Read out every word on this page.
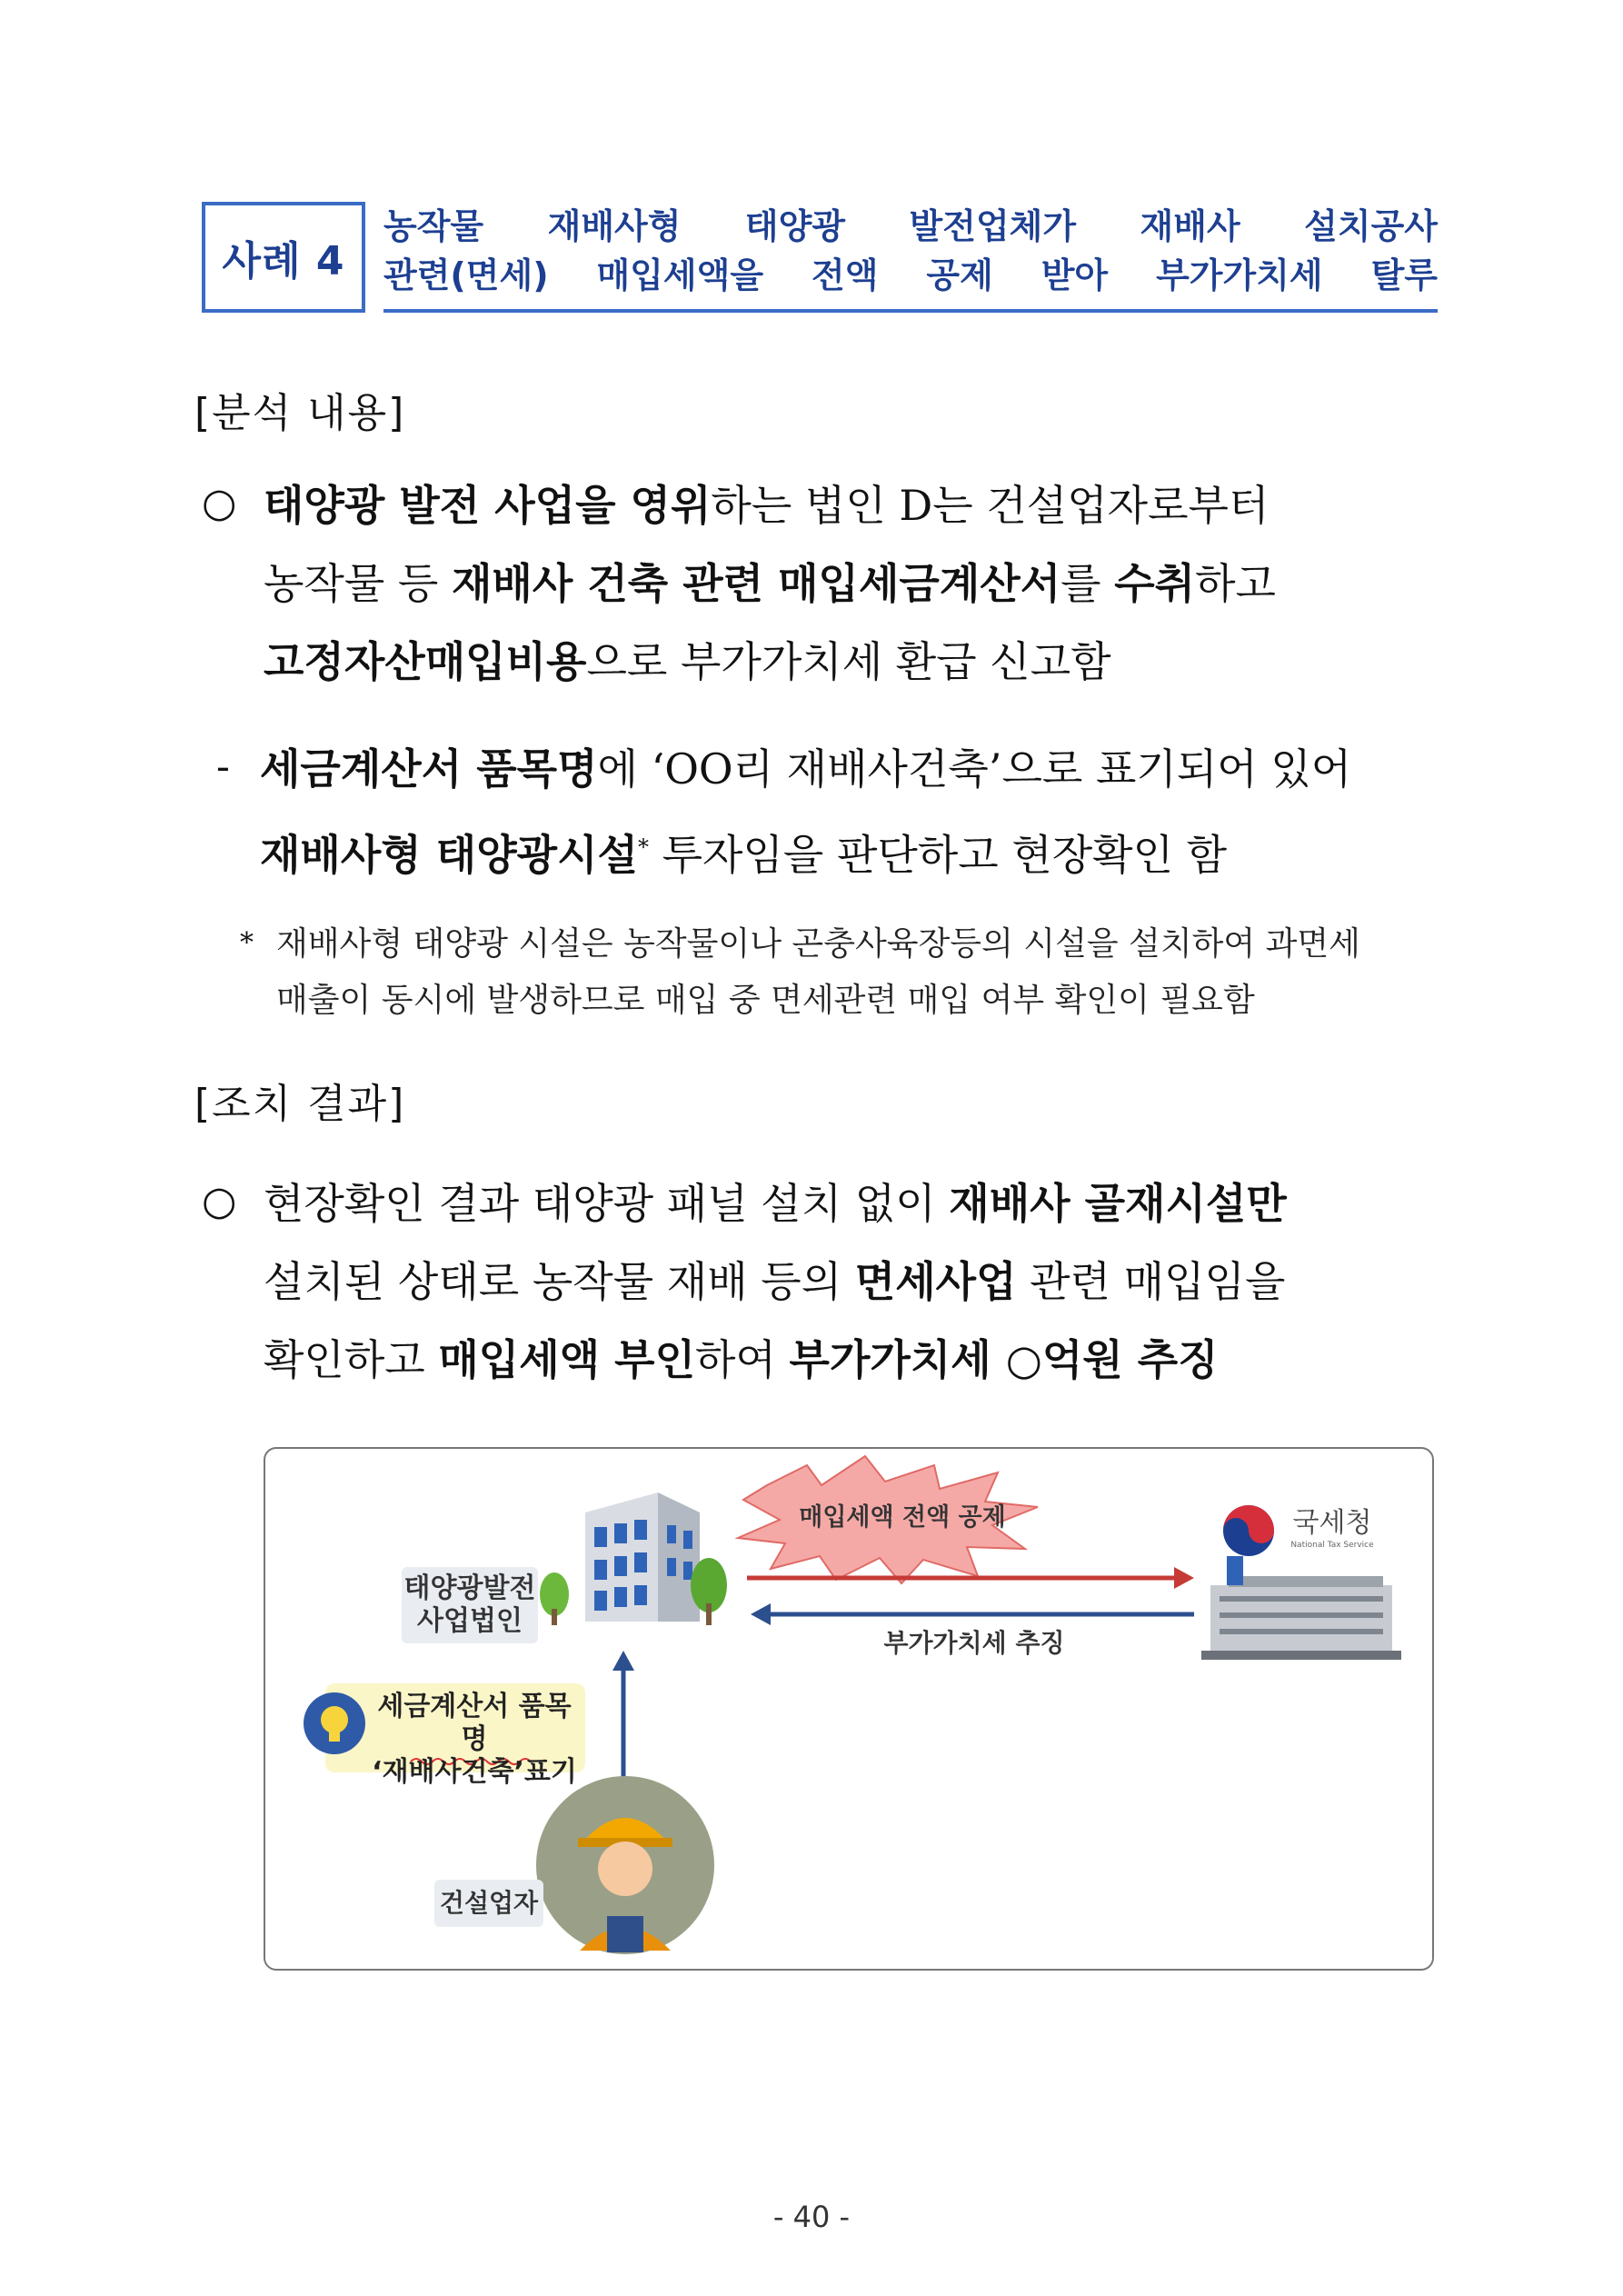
사례 4
농작물 재배사형 태양광 발전업체가 재배사 설치공사
관련(면세) 매입세액을 전액 공제 받아 부가가치세 탈루
[분석 내용]
○ 태양광 발전 사업을 영위하는 법인 D는 건설업자로부터
농작물 등 재배사 건축 관련 매입세금계산서를 수취하고
고정자산매입비용으로 부가가치세 환급 신고함
- 세금계산서 품목명에 ‘OO리 재배사건축’으로 표기되어 있어
재배사형 태양광시설* 투자임을 판단하고 현장확인 함
* 재배사형 태양광 시설은 농작물이나 곤충사육장등의 시설을 설치하여 과면세
매출이 동시에 발생하므로 매입 중 면세관련 매입 여부 확인이 필요함
[조치 결과]
○ 현장확인 결과 태양광 패널 설치 없이 재배사 골재시설만
설치된 상태로 농작물 재배 등의 면세사업 관련 매입임을
확인하고 매입세액 부인하여 부가가치세 ○억원 추징
태양광발전
사업법인
매입세액 전액 공제
부가가치세 추징
국세청
National Tax Service
세금계산서 품목명
‘재배사건축’표기
건설업자
- 40 -
